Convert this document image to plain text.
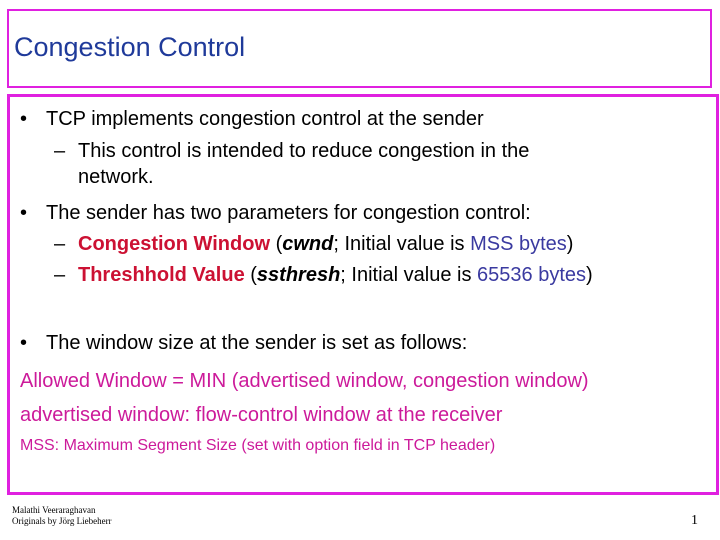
Congestion Control
• TCP implements congestion control at the sender
– This control is intended to reduce congestion in the
network.
• The sender has two parameters for congestion control:
– Congestion Window (cwnd; Initial value is MSS bytes)
– Threshhold Value (ssthresh; Initial value is 65536 bytes)
• The window size at the sender is set as follows:
Allowed Window = MIN (advertised window, congestion window)
advertised window: flow-control window at the receiver
MSS: Maximum Segment Size (set with option field in TCP header)
Malathi Veeraraghavan
Originals by Jörg Liebeherr	1
